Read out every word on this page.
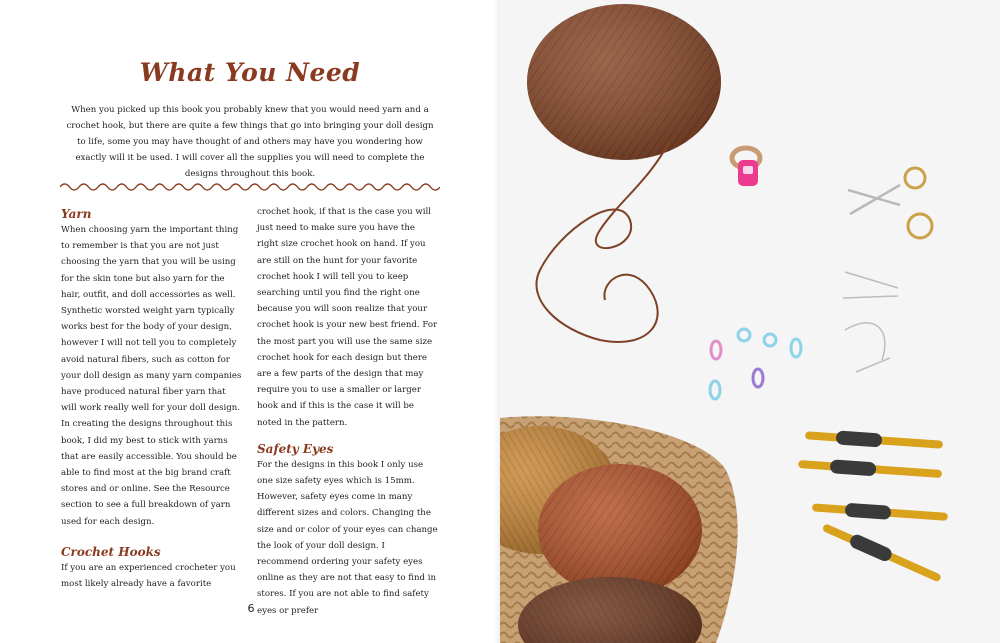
What You Need

When you picked up this book you probably knew that you would need yarn and a crochet hook, but there are quite a few things that go into bringing your doll design to life, some you may have thought of and others may have you wondering how exactly will it be used. I will cover all the supplies you will need to complete the designs throughout this book.

Yarn

When choosing yarn the important thing to remember is that you are not just choosing the yarn that you will be using for the skin tone but also yarn for the hair, outfit, and doll accessories as well. Synthetic worsted weight yarn typically works best for the body of your design, however I will not tell you to completely avoid natural fibers, such as cotton for your doll design as many yarn companies have produced natural fiber yarn that will work really well for your doll design. In creating the designs throughout this book, I did my best to stick with yarns that are easily accessible. You should be able to find most at the big brand craft stores and or online. See the Resource section to see a full breakdown of yarn used for each design.

Crochet Hooks

If you are an experienced crocheter you most likely already have a favorite

crochet hook, if that is the case you will just need to make sure you have the right size crochet hook on hand. If you are still on the hunt for your favorite crochet hook I will tell you to keep searching until you find the right one because you will soon realize that your crochet hook is your new best friend. For the most part you will use the same size crochet hook for each design but there are a few parts of the design that may require you to use a smaller or larger hook and if this is the case it will be noted in the pattern.

Safety Eyes

For the designs in this book I only use one size safety eyes which is 15mm. However, safety eyes come in many different sizes and colors. Changing the size and or color of your eyes can change the look of your doll design. I recommend ordering your safety eyes online as they are not that easy to find in stores. If you are not able to find safety eyes or prefer

6
